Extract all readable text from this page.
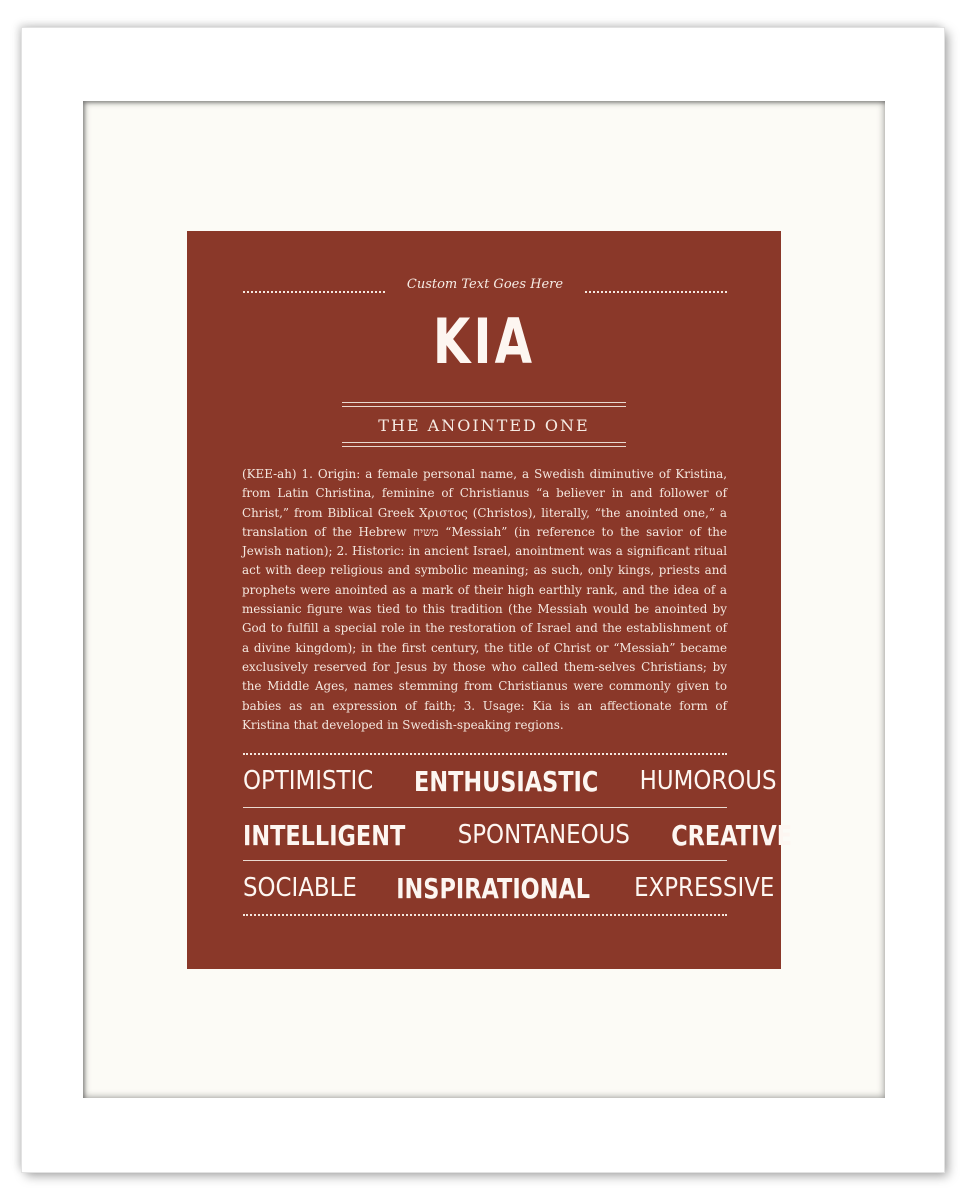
Custom Text Goes Here
KIA
THE ANOINTED ONE
(KEE-ah) 1. Origin: a female personal name, a Swedish diminutive of Kristina, from Latin Christina, feminine of Christianus “a believer in and follower of Christ,” from Biblical Greek Χριστος (Christos), literally, “the anointed one,” a translation of the Hebrew משיח “Messiah” (in reference to the savior of the Jewish nation); 2. Historic: in ancient Israel, anointment was a significant ritual act with deep religious and symbolic meaning; as such, only kings, priests and prophets were anointed as a mark of their high earthly rank, and the idea of a messianic figure was tied to this tradition (the Messiah would be anointed by God to fulfill a special role in the restoration of Israel and the establishment of a divine kingdom); in the first century, the title of Christ or “Messiah” became exclusively reserved for Jesus by those who called them-selves Christians; by the Middle Ages, names stemming from Christianus were commonly given to babies as an expression of faith; 3. Usage: Kia is an affectionate form of Kristina that developed in Swedish-speaking regions.
OPTIMISTIC ENTHUSIASTIC HUMOROUS
INTELLIGENT SPONTANEOUS CREATIVE
SOCIABLE INSPIRATIONAL EXPRESSIVE
